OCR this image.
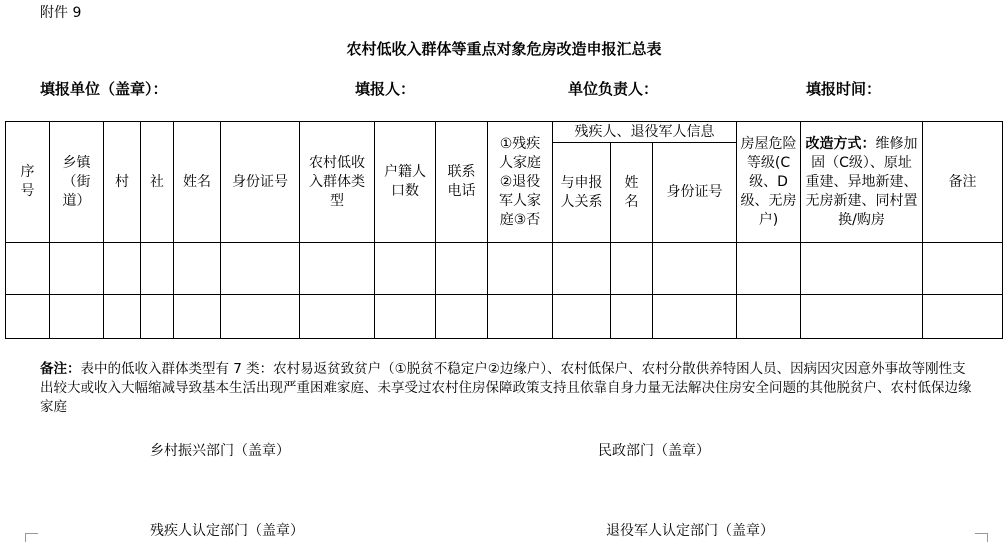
附件 9
农村低收入群体等重点对象危房改造申报汇总表
填报单位（盖章）：	填报人：	单位负责人：	填报时间：
序号	乡镇（街道）	村	社	姓名	身份证号	农村低收入群体类型	户籍人口数	联系电话	①残疾人家庭②退役军人家庭③否	残疾人、退役军人信息			房屋危险等级(C级、D级、无房户)	改造方式：维修加固（C级）、原址重建、异地新建、无房新建、同村置换/购房	备注

										与申报人关系	姓名	身份证号			

备注：表中的低收入群体类型有 7 类：农村易返贫致贫户（①脱贫不稳定户②边缘户）、农村低保户、农村分散供养特困人员、因病因灾因意外事故等刚性支出较大或收入大幅缩减导致基本生活出现严重困难家庭、未享受过农村住房保障政策支持且依靠自身力量无法解决住房安全问题的其他脱贫户、农村低保边缘家庭
乡村振兴部门（盖章）	民政部门（盖章）
残疾人认定部门（盖章）	退役军人认定部门（盖章）
